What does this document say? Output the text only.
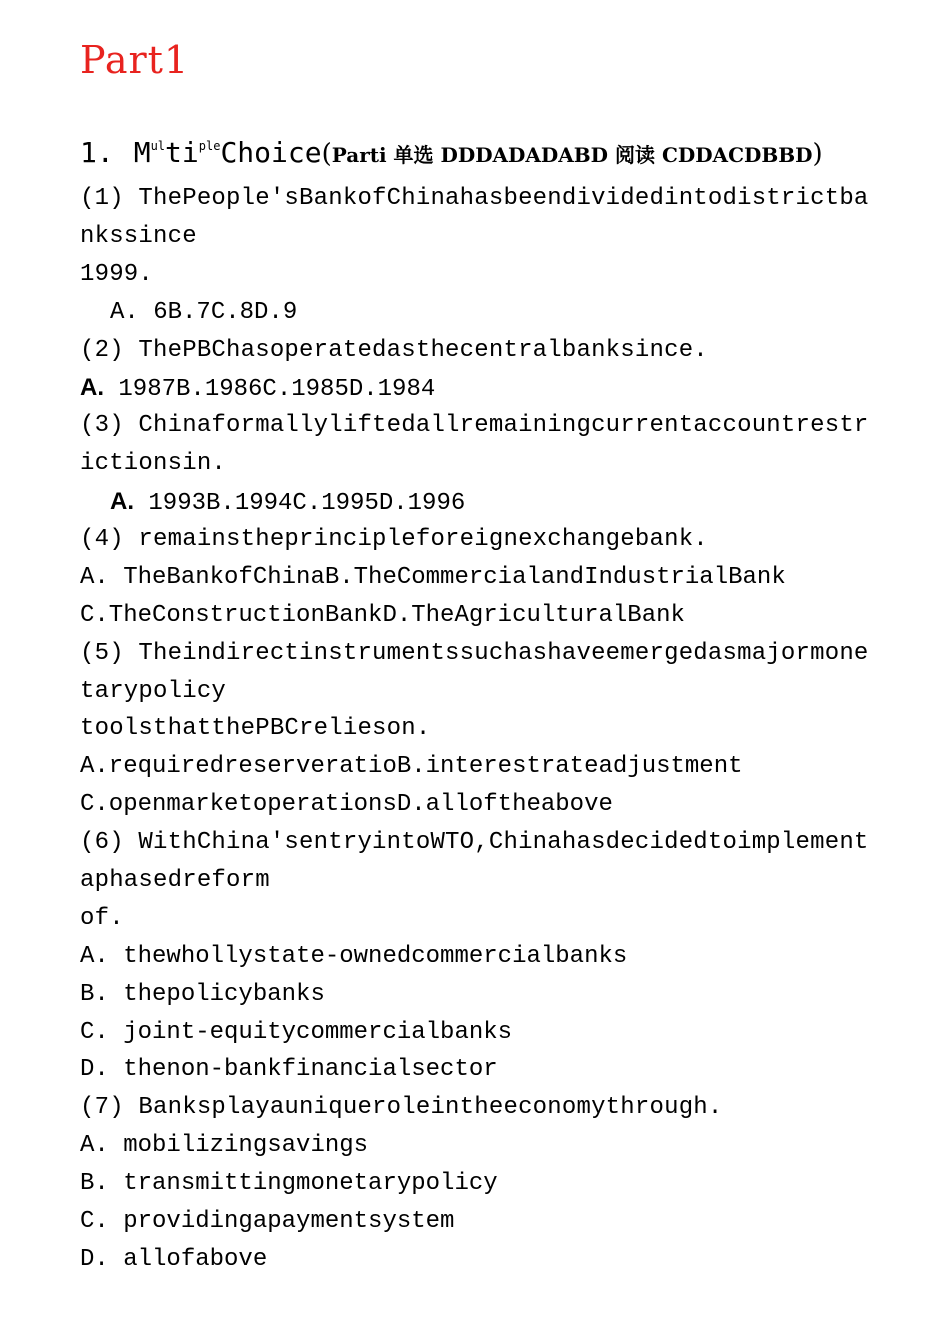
Part1
1. $M^{ul}ti^{ple}Choice(Parti$ 单选 DDDADADABD 阅读 CDDACDBBD)
(1) ThePeople'sBankofChinahasbeendividedintodistrictba
nkssince
1999.
A. 6B.7C.8D.9
(2) ThePBChasoperatedasthecentralbanksince.
A. 1987B.1986C.1985D.1984
(3) Chinaformallyliftedallremainingcurrentaccountrestr
ictionsin.
A. 1993B.1994C.1995D.1996
(4) remainstheprincipleforeignexchangebank.
A. TheBankofChinaB.TheCommercialandIndustrialBank
C.TheConstructionBankD.TheAgriculturalBank
(5) Theindirectinstrumentssuchashaveemergedasmajormone
tarypolicy
toolsthatthePBCrelieson.
A.requiredreserveratioB.interestrateadjustment
C.openmarketoperationsD.alloftheabove
(6) WithChina'sentryintoWTO,Chinahasdecidedtoimplement
aphasedreform
of.
A. thewhollystate-ownedcommercialbanks
B. thepolicybanks
C. joint-equitycommercialbanks
D. thenon-bankfinancialsector
(7) Banksplayauniqueroleintheeconomythrough.
A. mobilizingsavings
B. transmittingmonetarypolicy
C. providingapaymentsystem
D. allofabove
